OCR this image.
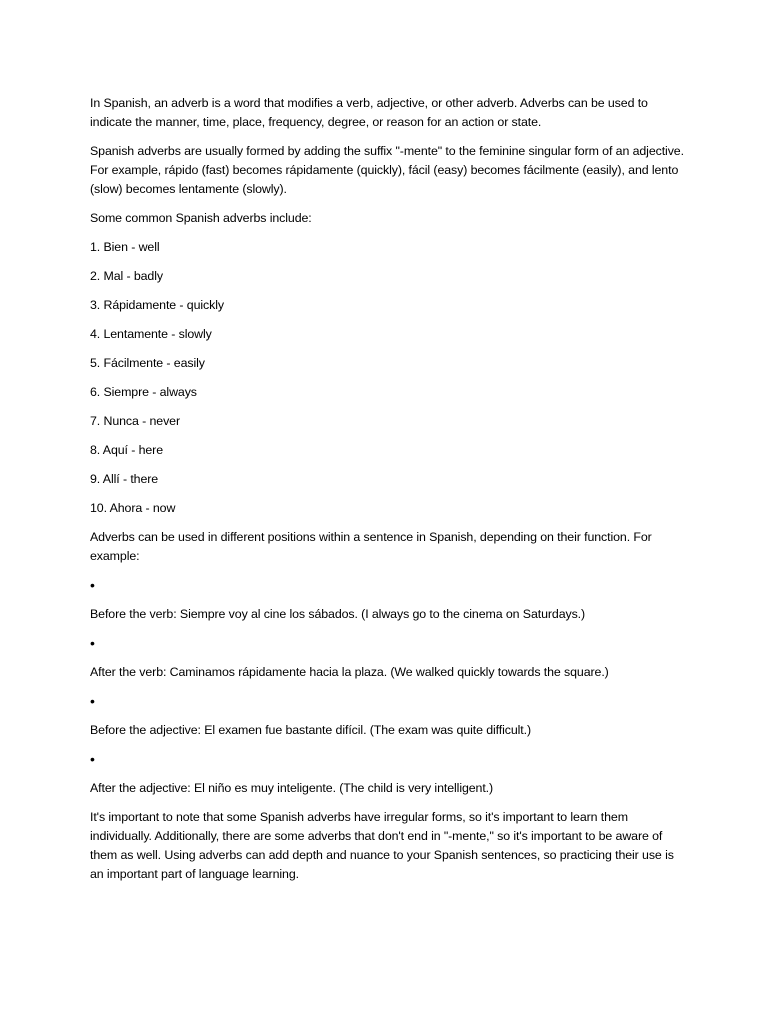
In Spanish, an adverb is a word that modifies a verb, adjective, or other adverb. Adverbs can be used to indicate the manner, time, place, frequency, degree, or reason for an action or state.

Spanish adverbs are usually formed by adding the suffix "-mente" to the feminine singular form of an adjective. For example, rápido (fast) becomes rápidamente (quickly), fácil (easy) becomes fácilmente (easily), and lento (slow) becomes lentamente (slowly).

Some common Spanish adverbs include:

1. Bien - well
2. Mal - badly
3. Rápidamente - quickly
4. Lentamente - slowly
5. Fácilmente - easily
6. Siempre - always
7. Nunca - never
8. Aquí - here
9. Allí - there
10. Ahora - now

Adverbs can be used in different positions within a sentence in Spanish, depending on their function. For example:

•

Before the verb: Siempre voy al cine los sábados. (I always go to the cinema on Saturdays.)

•

After the verb: Caminamos rápidamente hacia la plaza. (We walked quickly towards the square.)

•

Before the adjective: El examen fue bastante difícil. (The exam was quite difficult.)

•

After the adjective: El niño es muy inteligente. (The child is very intelligent.)

It's important to note that some Spanish adverbs have irregular forms, so it's important to learn them individually. Additionally, there are some adverbs that don't end in "-mente," so it's important to be aware of them as well. Using adverbs can add depth and nuance to your Spanish sentences, so practicing their use is an important part of language learning.
